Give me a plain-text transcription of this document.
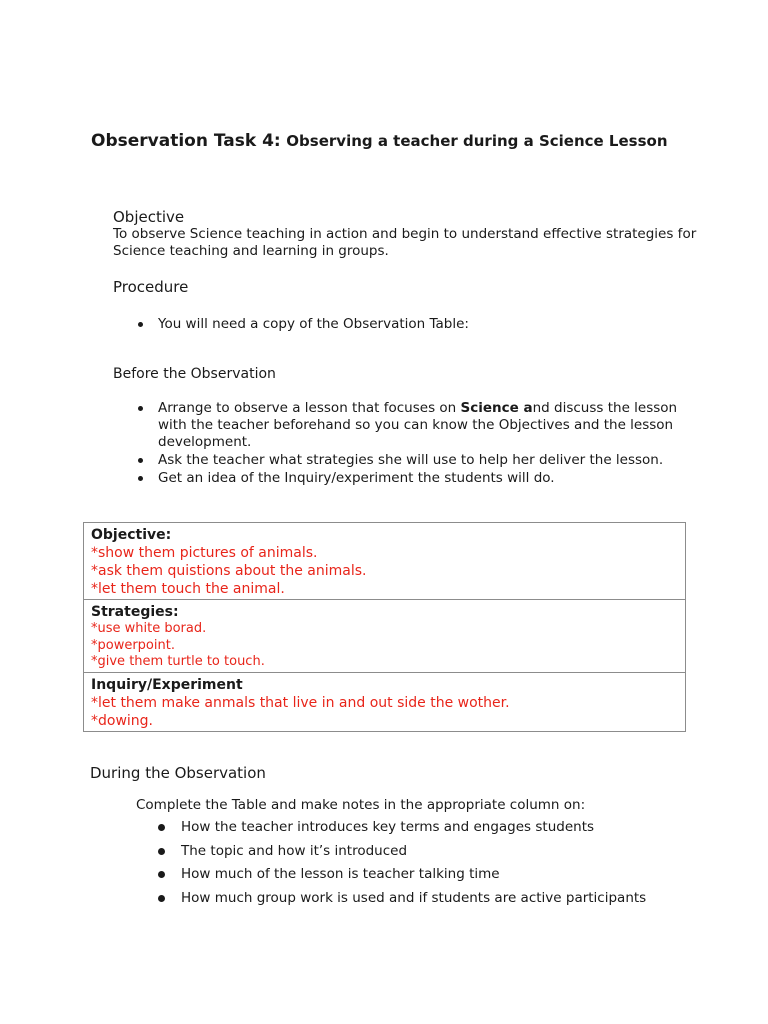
Observation Task 4: Observing a teacher during a Science Lesson
Objective
To observe Science teaching in action and begin to understand effective strategies for Science teaching and learning in groups.
Procedure
You will need a copy of the Observation Table:
Before the Observation
Arrange to observe a lesson that focuses on Science and discuss the lesson with the teacher beforehand so you can know the Objectives and the lesson development.
Ask the teacher what strategies she will use to help her deliver the lesson.
Get an idea of the Inquiry/experiment the students will do.
Objective:
*show them pictures of animals.
*ask them quistions about the animals.
*let them touch the animal.
Strategies:
*use white borad.
*powerpoint.
*give them turtle to touch.
Inquiry/Experiment
*let them make anmals that live in and out side the wother.
*dowing.
During the Observation
Complete the Table and make notes in the appropriate column on:
How the teacher introduces key terms and engages students
The topic and how it’s introduced
How much of the lesson is teacher talking time
How much group work is used and if students are active participants
